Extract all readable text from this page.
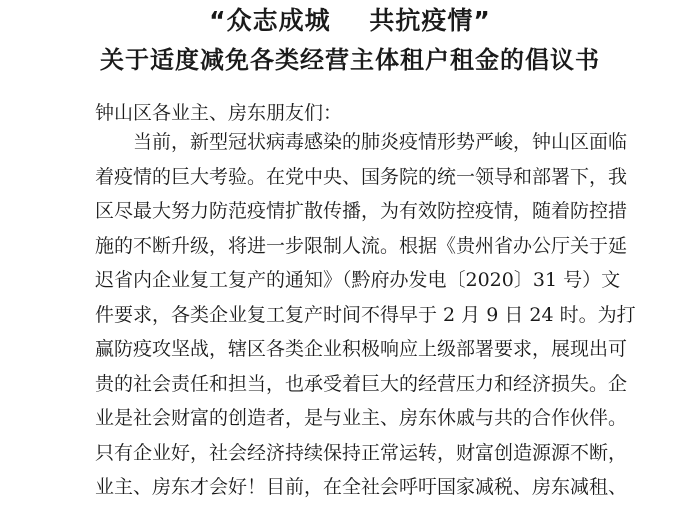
“众志成城    共抗疫情”
关于适度减免各类经营主体租户租金的倡议书
钟山区各业主、房东朋友们：
当前，新型冠状病毒感染的肺炎疫情形势严峻，钟山区面临
着疫情的巨大考验。在党中央、国务院的统一领导和部署下，我
区尽最大努力防范疫情扩散传播，为有效防控疫情，随着防控措
施的不断升级，将进一步限制人流。根据《贵州省办公厅关于延
迟省内企业复工复产的通知》（黔府办发电〔2020〕31 号）文
件要求，各类企业复工复产时间不得早于 2 月 9 日 24 时。为打
赢防疫攻坚战，辖区各类企业积极响应上级部署要求，展现出可
贵的社会责任和担当，也承受着巨大的经营压力和经济损失。企
业是社会财富的创造者，是与业主、房东休戚与共的合作伙伴。
只有企业好，社会经济持续保持正常运转，财富创造源源不断，
业主、房东才会好！目前，在全社会呼吁国家减税、房东减租、
